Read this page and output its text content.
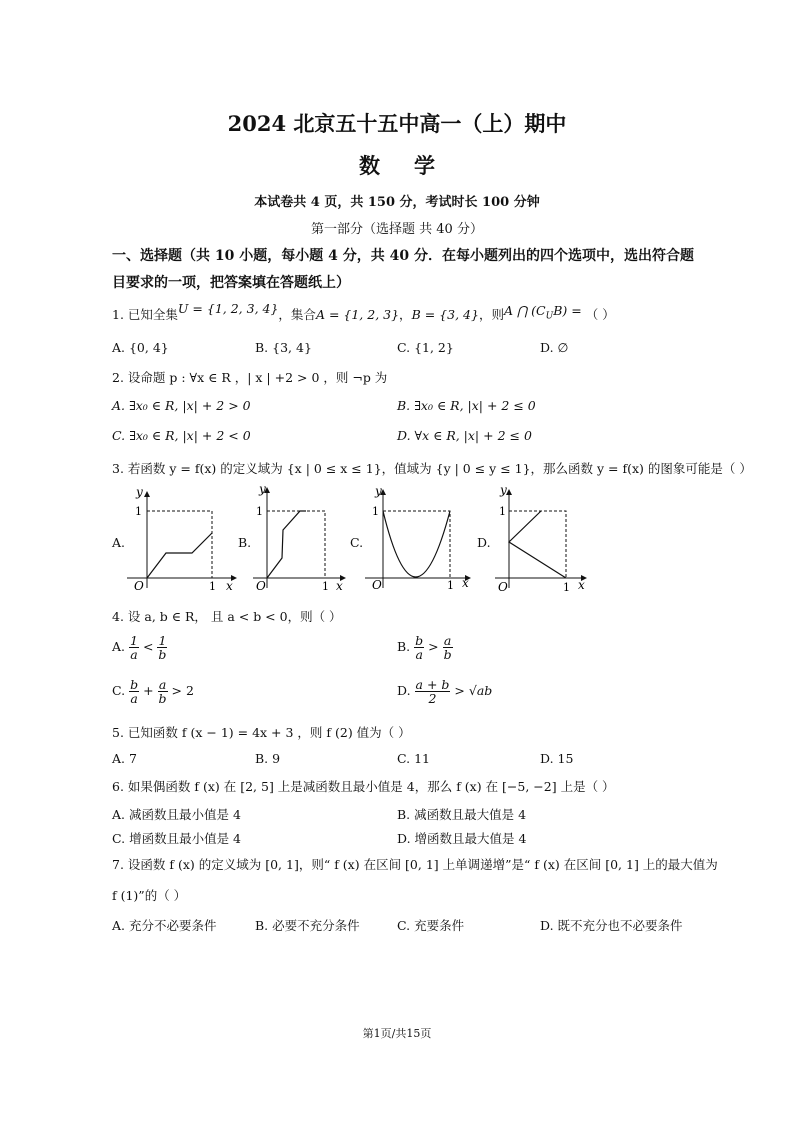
2024 北京五十五中高一（上）期中
数学
本试卷共 4 页，共 150 分，考试时长 100 分钟
第一部分（选择题 共 40 分）
一、选择题（共 10 小题，每小题 4 分，共 40 分．在每小题列出的四个选项中，选出符合题
目要求的一项，把答案填在答题纸上）
1. 已知全集U = {1, 2, 3, 4}，集合A = {1, 2, 3}，B = {3, 4}，则A ⋂ $(C_UB)$ = （ ）
A. {0, 4}	B. {3, 4}	C. {1, 2}	D. ∅
2. 设命题 p : ∀x ∈ R ，| x | +2 > 0 ，则 ¬p 为
A. ∃x₀ ∈ R, |x| + 2 > 0	B. ∃x₀ ∈ R, |x| + 2 ≤ 0
C. ∃x₀ ∈ R, |x| + 2 < 0	D. ∀x ∈ R, |x| + 2 ≤ 0
3. 若函数 y = f(x) 的定义域为 {x | 0 ≤ x ≤ 1}，值域为 {y | 0 ≤ y ≤ 1}，那么函数 y = f(x) 的图象可能是（ ）
A.	B.	C.	D.
y
1
O	1 x
y
1
O	1 x
y
1
O	1 x
y
1
O	1 x
4. 设 a, b ∈ R， 且 a < b < 0，则（ ）
A. $\frac{1}{a} < \frac{1}{b}$	B. $\frac{b}{a} > \frac{a}{b}$
C. $\frac{b}{a} + \frac{a}{b} > 2$	D. $\frac{a + b}{2} > √ab$
5. 已知函数 f (x − 1) = 4x + 3 ，则 f (2) 值为（ ）
A. 7	B. 9	C. 11	D. 15
6. 如果偶函数 f (x) 在 [2, 5] 上是减函数且最小值是 4，那么 f (x) 在 [−5, −2] 上是（ ）
A. 减函数且最小值是 4	B. 减函数且最大值是 4
C. 增函数且最小值是 4	D. 增函数且最大值是 4
7. 设函数 f (x) 的定义域为 [0, 1]，则“ f (x) 在区间 [0, 1] 上单调递增”是“ f (x) 在区间 [0, 1] 上的最大值为
f (1)”的（ ）
A. 充分不必要条件	B. 必要不充分条件	C. 充要条件	D. 既不充分也不必要条件
第1页/共15页
